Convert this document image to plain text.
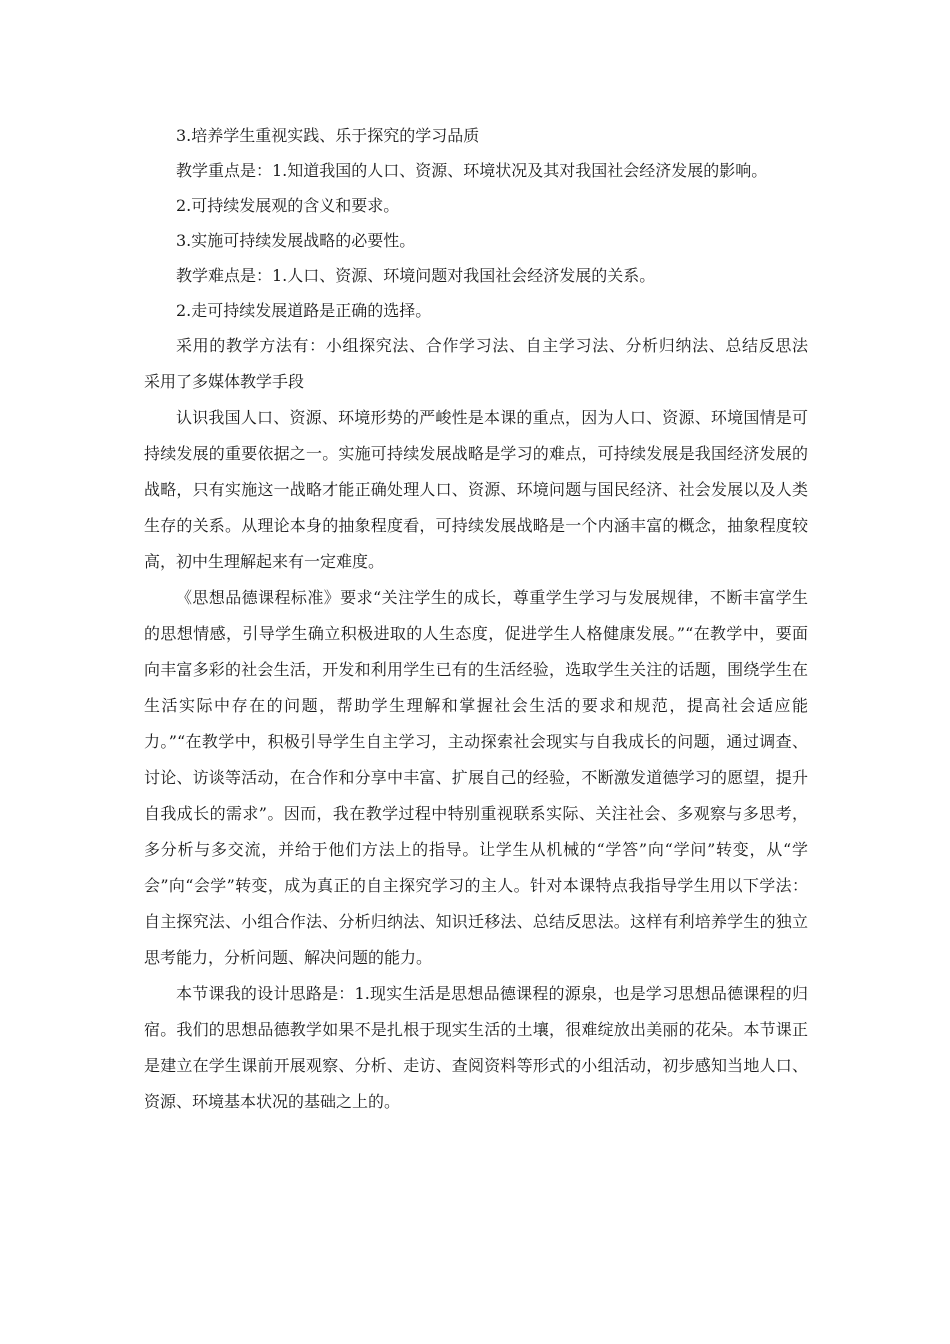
3.培养学生重视实践、乐于探究的学习品质

教学重点是：1.知道我国的人口、资源、环境状况及其对我国社会经济发展的影响。

2.可持续发展观的含义和要求。

3.实施可持续发展战略的必要性。

教学难点是：1.人口、资源、环境问题对我国社会经济发展的关系。

2.走可持续发展道路是正确的选择。

采用的教学方法有：小组探究法、合作学习法、自主学习法、分析归纳法、总结反思法　采用了多媒体教学手段

认识我国人口、资源、环境形势的严峻性是本课的重点，因为人口、资源、环境国情是可持续发展的重要依据之一。实施可持续发展战略是学习的难点，可持续发展是我国经济发展的战略，只有实施这一战略才能正确处理人口、资源、环境问题与国民经济、社会发展以及人类生存的关系。从理论本身的抽象程度看，可持续发展战略是一个内涵丰富的概念，抽象程度较高，初中生理解起来有一定难度。

《思想品德课程标准》要求“关注学生的成长，尊重学生学习与发展规律，不断丰富学生的思想情感，引导学生确立积极进取的人生态度，促进学生人格健康发展。”“在教学中，要面向丰富多彩的社会生活，开发和利用学生已有的生活经验，选取学生关注的话题，围绕学生在生活实际中存在的问题，帮助学生理解和掌握社会生活的要求和规范，提高社会适应能力。”“在教学中，积极引导学生自主学习，主动探索社会现实与自我成长的问题，通过调查、讨论、访谈等活动，在合作和分享中丰富、扩展自己的经验，不断激发道德学习的愿望，提升自我成长的需求”。因而，我在教学过程中特别重视联系实际、关注社会、多观察与多思考，多分析与多交流，并给于他们方法上的指导。让学生从机械的“学答”向“学问”转变，从“学会”向“会学”转变，成为真正的自主探究学习的主人。针对本课特点我指导学生用以下学法：自主探究法、小组合作法、分析归纳法、知识迁移法、总结反思法。这样有利培养学生的独立思考能力，分析问题、解决问题的能力。

本节课我的设计思路是：1.现实生活是思想品德课程的源泉，也是学习思想品德课程的归宿。我们的思想品德教学如果不是扎根于现实生活的土壤，很难绽放出美丽的花朵。本节课正是建立在学生课前开展观察、分析、走访、查阅资料等形式的小组活动，初步感知当地人口、资源、环境基本状况的基础之上的。
